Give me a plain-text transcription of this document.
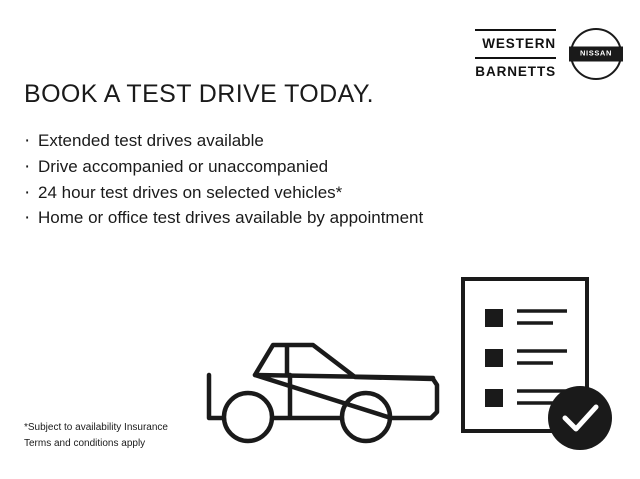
WESTERN
BARNETTS
NISSAN
BOOK A TEST DRIVE TODAY.
· Extended test drives available
· Drive accompanied or unaccompanied
· 24 hour test drives on selected vehicles*
· Home or office test drives available by appointment
*Subject to availability Insurance
Terms and conditions apply
